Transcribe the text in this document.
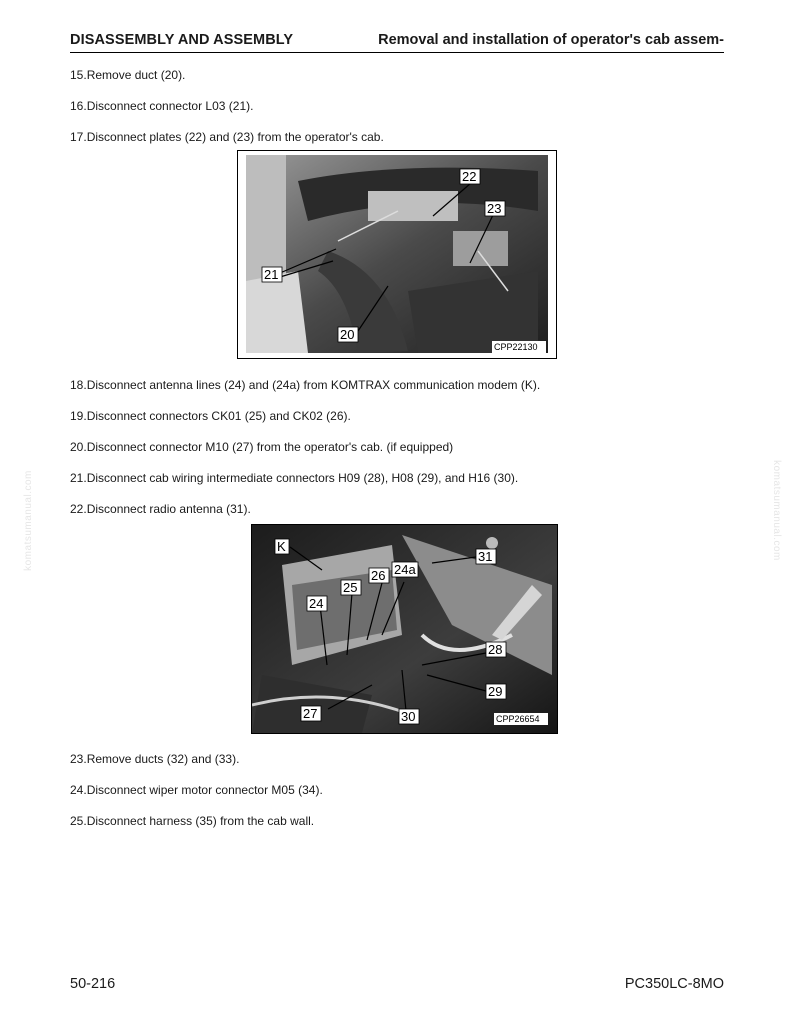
DISASSEMBLY AND ASSEMBLY	Removal and installation of operator's cab assem-
15.Remove duct (20).
16.Disconnect connector L03 (21).
17.Disconnect plates (22) and (23) from the operator's cab.
22
23
21
20
CPP22130
18.Disconnect antenna lines (24) and (24a) from KOMTRAX communication modem (K).
19.Disconnect connectors CK01 (25) and CK02 (26).
20.Disconnect connector M10 (27) from the operator's cab. (if equipped)
21.Disconnect cab wiring intermediate connectors H09 (28), H08 (29), and H16 (30).
22.Disconnect radio antenna (31).
K
31
26 24a
25
24
28
29
27	30	CPP26654
23.Remove ducts (32) and (33).
24.Disconnect wiper motor connector M05 (34).
25.Disconnect harness (35) from the cab wall.
komatsumanual.com	komatsumanual.com
50-216	PC350LC-8MO
